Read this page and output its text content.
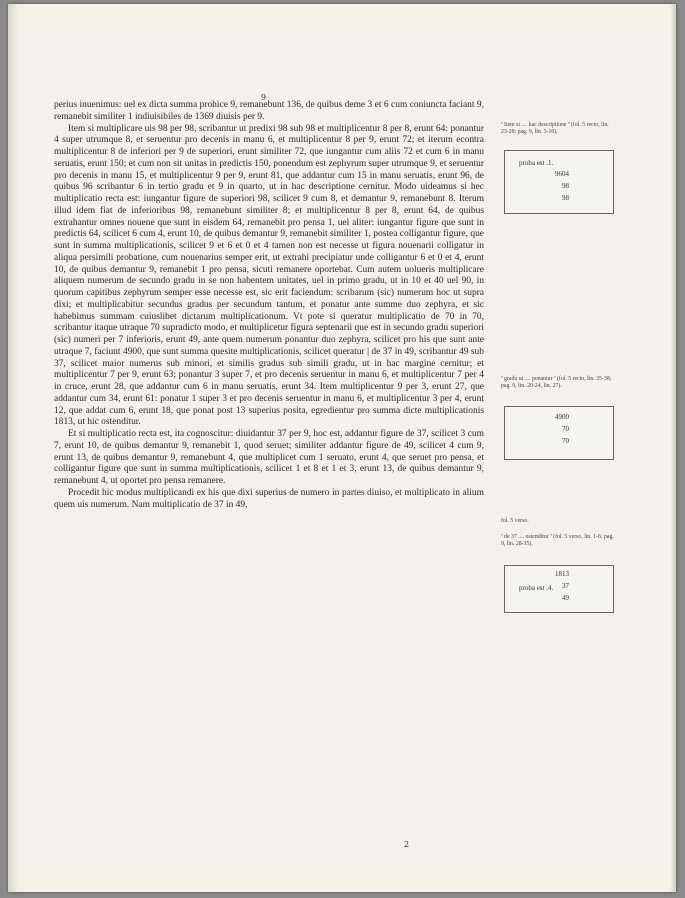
9

perius inuenimus: uel ex dicta summa prohice 9, remanebunt 136, de quibus deme 3 et 6 cum coniuncta faciant 9, remanebit similiter 1 indiuisibiles de 1369 diuisis per 9.

Item si multiplicare uis 98 per 98, scribantur ut predixi 98 sub 98 et multiplicentur 8 per 8, erunt 64: ponantur 4 super utrumque 8, et seruentur pro decenis in manu 6, et multiplicentur 8 per 9, erunt 72; et iterum econtra multiplicentur 8 de inferiori per 9 de superiori, erunt similiter 72, que iungantur cum aliis 72 et cum 6 in manu seruatis, erunt 150; et cum non sit unitas in predictis 150, ponendum est zephyrum super utrumque 9, et seruentur pro decenis in manu 15, et multiplicentur 9 per 9, erunt 81, que addantur cum 15 in manu seruatis, erunt 96, de quibus 96 scribantur 6 in tertio gradu et 9 in quarto, ut in hac descriptione cernitur. Modo uideamus si hec multiplicatio recta est: iungantur figure de superiori 98, scilicet 9 cum 8, et demantur 9, remanebunt 8. Iterum illud idem fiat de inferioribus 98, remanebunt similiter 8; et multiplicentur 8 per 8, erunt 64, de quibus extrahantur omnes nouene que sunt in eisdem 64, remanebit pro pensa 1, uel aliter: iungantur figure que sunt in predictis 64, scilicet 6 cum 4, erunt 10, de quibus demantur 9, remanebit similiter 1, postea colligantur figure, que sunt in summa multiplicationis, scilicet 9 et 6 et 0 et 4 tamen non est necesse ut figura nouenarii colligatur in aliqua persimili probatione, cum nouenarius semper erit, ut extrahi precipiatur unde colligantur 6 et 0 et 4, erunt 10, de quibus demantur 9, remanebit 1 pro pensa, sicuti remanere oportebat. Cum autem uolueris multiplicare aliquem numerum de secundo gradu in se non habentem unitates, uel in primo gradu, ut in 10 et 40 uel 90, in quorum capitibus zephyrum semper esse necesse est, sic erit faciendum: scribarum (sic) numerum hoc ut supra dixi; et multiplicabitur secundus gradus per secundum tantum, et ponatur ante summe duo zephyra, et sic habebimus summam cuiuslibet dictarum multiplicationum. Vt pote si queratur multiplicatio de 70 in 70, scribantur itaque utraque 70 supradicto modo, et multiplicetur figura septenarii que est in secundo gradu superiori (sic) numeri per 7 inferioris, erunt 49, ante quem numerum ponantur duo zephyra, scilicet pro his que sunt ante utraque 7, faciunt 4900, que sunt summa quesite multiplicationis, scilicet queratur | de 37 in 49, scribantur 49 sub 37, scilicet maior numerus sub minori, et similis gradus sub simili gradu, ut in hac margine cernitur; et multiplicentur 7 per 9, erunt 63; ponantur 3 super 7, et pro decenis seruentur in manu 6, et multiplicentur 7 per 4 in cruce, erunt 28, que addantur cum 6 in manu seruatis, erunt 34. Item multiplicentur 9 per 3, erunt 27, que addantur cum 34, erunt 61: ponatur 1 super 3 et pro decenis seruentur in manu 6, et multiplicentur 3 per 4, erunt 12, que addat cum 6, erunt 18, que ponat post 13 superius posita, egredientur pro summa dicte multiplicationis 1813, ut hic ostenditur.

Et si multiplicatio recta est, ita cognoscitur: diuidantur 37 per 9, hoc est, addantur figure de 37, scilicet 3 cum 7, erunt 10, de quibus demantur 9, remanebit 1, quod seruet; similiter addantur figure de 49, scilicet 4 cum 9, erunt 13, de quibus demantur 9, remanebunt 4, que multiplicet cum 1 seruato, erunt 4, que seruet pro pensa, et colligantur figure que sunt in summa multiplicationis, scilicet 1 et 8 et 1 et 3, erunt 13, de quibus demantur 9, remanebunt 4, ut oportet pro pensa remanere.

Procedit hic modus multiplicandi ex his que dixi superius de numero in partes diuiso, et multiplicato in alium quem uis numerum. Nam multiplicatio de 37 in 49,

2
ª Item si .... hac descriptione ª (fol. 5 recto, lin. 23-28; pag. 9, lin. 3-10).
proba est .1.
9604
98
98
ª gradu ut .... ponantur ª (fol. 5 recto, lin. 35-38; pag. 9, lin. 20-24, lin. 27).
4900
70
70
fol. 5 verso.
ª de 37 .... ostenditur ª (fol. 5 verso, lin. 1-6; pag. 9, lin. 28-35).
proba est .4.
1813
37
49
